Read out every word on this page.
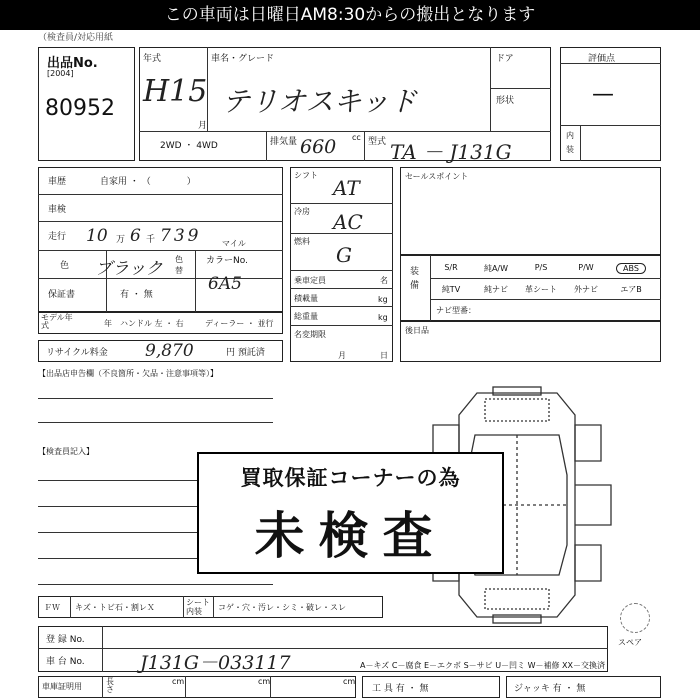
この車両は日曜日AM8:30からの搬出となります
（検査員/対応用紙
出品No.
[2004]
80952
年式
H15
月
車名・グレード
テリオスキッド
ドア
形状
2WD ・ 4WD	排気量 660 cc 型式 TA － J131G
評価点
—
内装
車歴	自家用 ・ （　　　　）
車検
走行 10 万 6 千 739	マイル
色 ブラック 色替
カラーNo.
6A5
保証書	有 ・ 無
モデル年式	年 ハンドル 左 ・ 右	ディーラー ・ 並行
リサイクル料金 9,870	円 預託済
シフト
AT
冷房 AC
燃料
G
乗車定員	名
積載量	kg
総重量	kg
名変期限
月	日
セールスポイント
装備
S/R	純A/W	P/S	P/W	ABS
純TV	純ナビ	革シート	外ナビ	エアB
ナビ型番：
後日品
【出品店申告欄（不良箇所・欠品・注意事項等）】
【検査員記入】
スペア
買取保証コーナーの為
未検査
ＦＷ キズ・トビ石・割レＸ
シート内装	コゲ・穴・汚レ・シミ・破レ・スレ
登 録 No.
車 台 No.	J131G－033117	A－キズ C－腐食 E－エクボ S－サビ U－凹ミ W－補修 XX－交換済
車庫証明用
長さ
cm	cm	cm
工 具 有 ・ 無	ジャッキ 有 ・ 無
